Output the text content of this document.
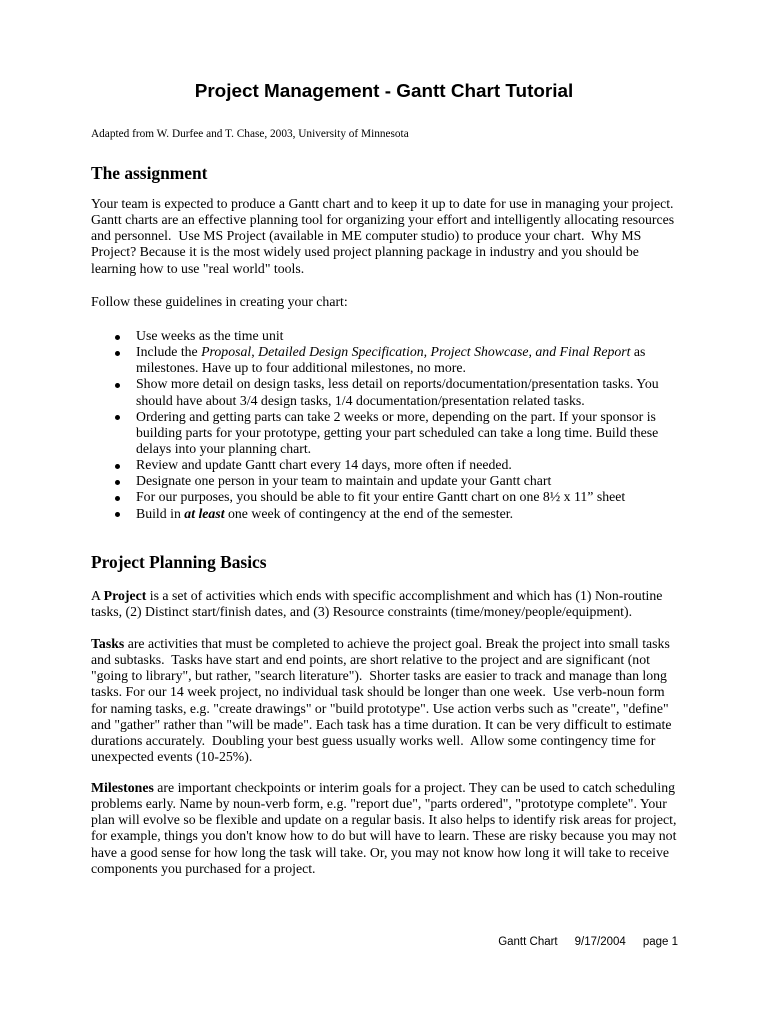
Project Management - Gantt Chart Tutorial
Adapted from W. Durfee and T. Chase, 2003, University of Minnesota
The assignment
Your team is expected to produce a Gantt chart and to keep it up to date for use in managing your project.
Gantt charts are an effective planning tool for organizing your effort and intelligently allocating resources
and personnel.  Use MS Project (available in ME computer studio) to produce your chart.  Why MS
Project? Because it is the most widely used project planning package in industry and you should be
learning how to use "real world" tools.
Follow these guidelines in creating your chart:
Use weeks as the time unit
Include the Proposal, Detailed Design Specification, Project Showcase, and Final Report as
milestones. Have up to four additional milestones, no more.
Show more detail on design tasks, less detail on reports/documentation/presentation tasks. You
should have about 3/4 design tasks, 1/4 documentation/presentation related tasks.
Ordering and getting parts can take 2 weeks or more, depending on the part. If your sponsor is
building parts for your prototype, getting your part scheduled can take a long time. Build these
delays into your planning chart.
Review and update Gantt chart every 14 days, more often if needed.
Designate one person in your team to maintain and update your Gantt chart
For our purposes, you should be able to fit your entire Gantt chart on one 8½ x 11” sheet
Build in at least one week of contingency at the end of the semester.
Project Planning Basics
A Project is a set of activities which ends with specific accomplishment and which has (1) Non-routine
tasks, (2) Distinct start/finish dates, and (3) Resource constraints (time/money/people/equipment).
Tasks are activities that must be completed to achieve the project goal. Break the project into small tasks
and subtasks.  Tasks have start and end points, are short relative to the project and are significant (not
"going to library", but rather, "search literature").  Shorter tasks are easier to track and manage than long
tasks. For our 14 week project, no individual task should be longer than one week.  Use verb-noun form
for naming tasks, e.g. "create drawings" or "build prototype". Use action verbs such as "create", "define"
and "gather" rather than "will be made". Each task has a time duration. It can be very difficult to estimate
durations accurately.  Doubling your best guess usually works well.  Allow some contingency time for
unexpected events (10-25%).
Milestones are important checkpoints or interim goals for a project. They can be used to catch scheduling
problems early. Name by noun-verb form, e.g. "report due", "parts ordered", "prototype complete". Your
plan will evolve so be flexible and update on a regular basis. It also helps to identify risk areas for project,
for example, things you don't know how to do but will have to learn. These are risky because you may not
have a good sense for how long the task will take. Or, you may not know how long it will take to receive
components you purchased for a project.
Gantt Chart 9/17/2004 page 1
